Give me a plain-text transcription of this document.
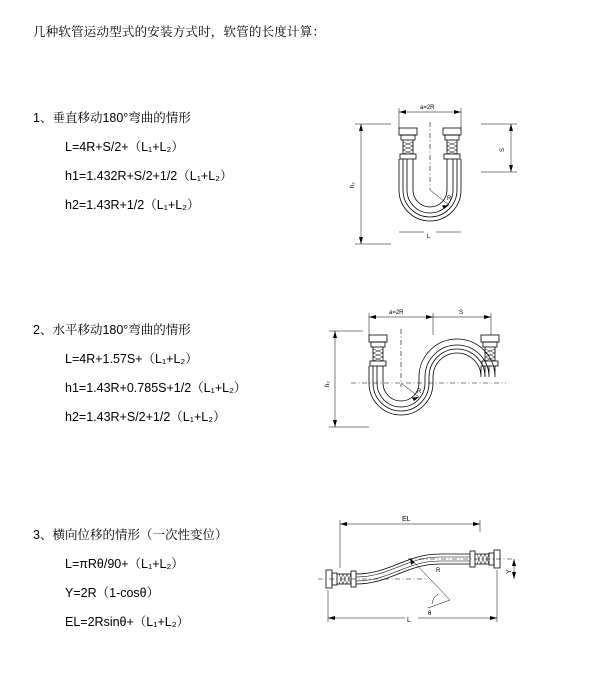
几种软管运动型式的安装方式时，软管的长度计算：
1、垂直移动180°弯曲的情形
L=4R+S/2+（L₁+L₂）
h1=1.432R+S/2+1/2（L₁+L₂）
h2=1.43R+1/2（L₁+L₂）
a=2R
h₂
S
R
L
2、水平移动180°弯曲的情形
L=4R+1.57S+（L₁+L₂）
h1=1.43R+0.785S+1/2（L₁+L₂）
h2=1.43R+S/2+1/2（L₁+L₂）
a=2R	S
h₂
R
3、横向位移的情形（一次性变位）
L=πRθ/90+（L₁+L₂）
Y=2R（1-cosθ）
EL=2Rsinθ+（L₁+L₂）
EL
R
θ
Y
L
